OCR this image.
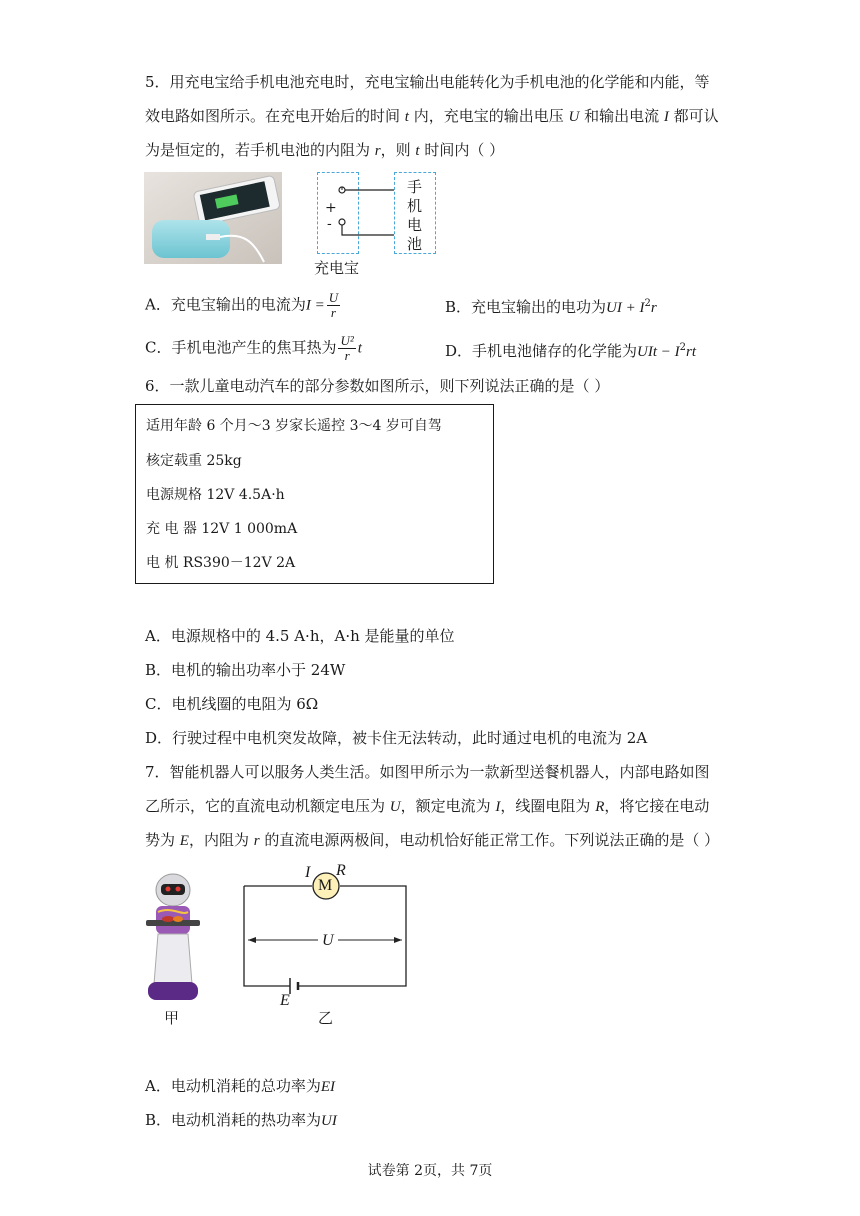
5．用充电宝给手机电池充电时，充电宝输出电能转化为手机电池的化学能和内能，等
效电路如图所示。在充电开始后的时间 t 内，充电宝的输出电压 U 和输出电流 I 都可认
为是恒定的，若手机电池的内阻为 r，则 t 时间内（ ）
+
-
手机电池
充电宝
A．充电宝输出的电流为$I = \frac{U}{r}$	B．充电宝输出的电功为UI + $I^2r$
C．手机电池产生的焦耳热为 $\frac{\text{U²}}{r}$ t	D．手机电池储存的化学能为UIt − $I^2rt$
6．一款儿童电动汽车的部分参数如图所示，则下列说法正确的是（ ）
适用年龄 6 个月～3 岁家长遥控 3～4 岁可自驾
核定载重 25kg
电源规格 12V 4.5A·h
充 电 器 12V 1 000mA
电 机 RS390－12V 2A
A．电源规格中的 4.5 A·h，A·h 是能量的单位
B．电机的输出功率小于 24W
C．电机线圈的电阻为 6Ω
D．行驶过程中电机突发故障，被卡住无法转动，此时通过电机的电流为 2A
7．智能机器人可以服务人类生活。如图甲所示为一款新型送餐机器人，内部电路如图
乙所示，它的直流电动机额定电压为 U，额定电流为 I，线圈电阻为 R，将它接在电动
势为 E，内阻为 r 的直流电源两极间，电动机恰好能正常工作。下列说法正确的是（ ）
甲
M
I R
U
E
乙
A．电动机消耗的总功率为EI
B．电动机消耗的热功率为UI
试卷第 2页，共 7页
